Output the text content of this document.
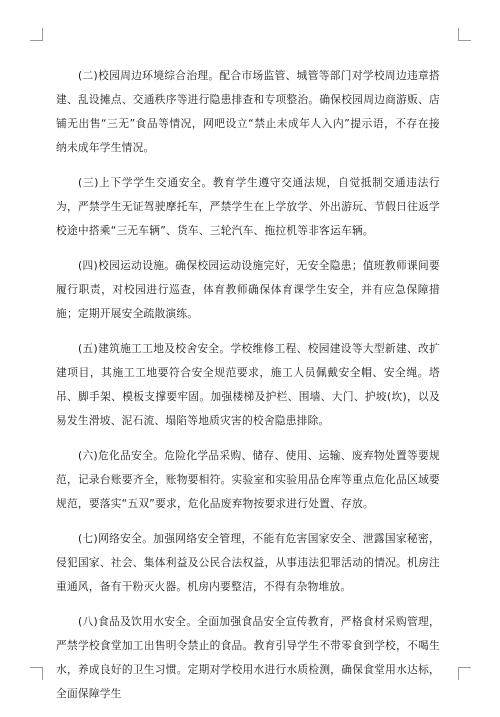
(二)校园周边环境综合治理。配合市场监管、城管等部门对学校周边违章搭建、乱设摊点、交通秩序等进行隐患排查和专项整治。确保校园周边商游贩、店铺无出售“三无”食品等情况，网吧设立“禁止未成年人入内”提示语，不存在接纳未成年学生情况。

(三)上下学学生交通安全。教育学生遵守交通法规，自觉抵制交通违法行为，严禁学生无证驾驶摩托车，严禁学生在上学放学、外出游玩、节假日往返学校途中搭乘“三无车辆”、货车、三轮汽车、拖拉机等非客运车辆。

(四)校园运动设施。确保校园运动设施完好，无安全隐患；值班教师课间要履行职责，对校园进行巡查，体育教师确保体育课学生安全，并有应急保障措施；定期开展安全疏散演练。

(五)建筑施工工地及校舍安全。学校维修工程、校园建设等大型新建、改扩建项目，其施工工地要符合安全规范要求，施工人员佩戴安全帽、安全绳。塔吊、脚手架、模板支撑要牢固。加强楼梯及护栏、围墙、大门、护坡(坎)，以及易发生滑坡、泥石流、塌陷等地质灾害的校舍隐患排除。

(六)危化品安全。危险化学品采购、储存、使用、运输、废弃物处置等要规范，记录台账要齐全，账物要相符。实验室和实验用品仓库等重点危化品区域要规范，要落实“五双”要求，危化品废弃物按要求进行处置、存放。

(七)网络安全。加强网络安全管理，不能有危害国家安全、泄露国家秘密，侵犯国家、社会、集体利益及公民合法权益，从事违法犯罪活动的情况。机房注重通风，备有干粉灭火器。机房内要整洁，不得有杂物堆放。

(八)食品及饮用水安全。全面加强食品安全宣传教育，严格食材采购管理，严禁学校食堂加工出售明令禁止的食品。教育引导学生不带零食到学校，不喝生水，养成良好的卫生习惯。定期对学校用水进行水质检测，确保食堂用水达标，全面保障学生
